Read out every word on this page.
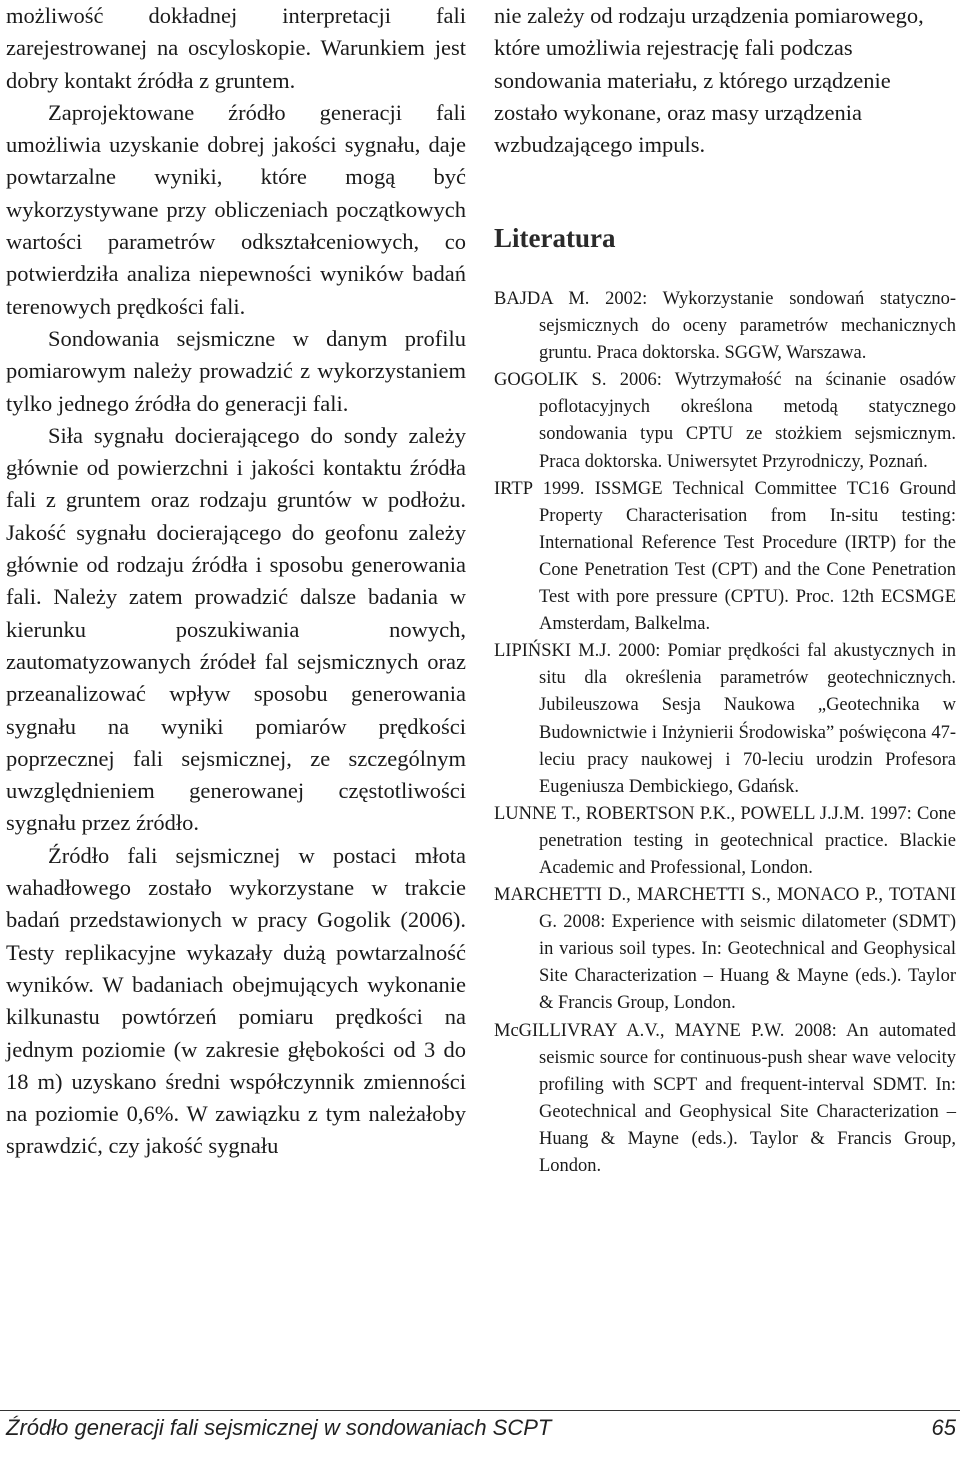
możliwość dokładnej interpretacji fali zarejestrowanej na oscyloskopie. Warunkiem jest dobry kontakt źródła z gruntem.

Zaprojektowane źródło generacji fali umożliwia uzyskanie dobrej jakości sygnału, daje powtarzalne wyniki, które mogą być wykorzystywane przy obliczeniach początkowych wartości parametrów odkształceniowych, co potwierdziła analiza niepewności wyników badań terenowych prędkości fali.

Sondowania sejsmiczne w danym profilu pomiarowym należy prowadzić z wykorzystaniem tylko jednego źródła do generacji fali.

Siła sygnału docierającego do sondy zależy głównie od powierzchni i jakości kontaktu źródła fali z gruntem oraz rodzaju gruntów w podłożu. Jakość sygnału docierającego do geofonu zależy głównie od rodzaju źródła i sposobu generowania fali. Należy zatem prowadzić dalsze badania w kierunku poszukiwania nowych, zautomatyzowanych źródeł fal sejsmicznych oraz przeanalizować wpływ sposobu generowania sygnału na wyniki pomiarów prędkości poprzecznej fali sejsmicznej, ze szczególnym uwzględnieniem generowanej częstotliwości sygnału przez źródło.

Źródło fali sejsmicznej w postaci młota wahadłowego zostało wykorzystane w trakcie badań przedstawionych w pracy Gogolik (2006). Testy replikacyjne wykazały dużą powtarzalność wyników. W badaniach obejmujących wykonanie kilkunastu powtórzeń pomiaru prędkości na jednym poziomie (w zakresie głębokości od 3 do 18 m) uzyskano średni współczynnik zmienności na poziomie 0,6%. W zawiązku z tym należałoby sprawdzić, czy jakość sygnału

nie zależy od rodzaju urządzenia pomiarowego, które umożliwia rejestrację fali podczas sondowania materiału, z którego urządzenie zostało wykonane, oraz masy urządzenia wzbudzającego impuls.

Literatura

BAJDA M. 2002: Wykorzystanie sondowań statyczno-sejsmicznych do oceny parametrów mechanicznych gruntu. Praca doktorska. SGGW, Warszawa.

GOGOLIK S. 2006: Wytrzymałość na ścinanie osadów poflotacyjnych określona metodą statycznego sondowania typu CPTU ze stożkiem sejsmicznym. Praca doktorska. Uniwersytet Przyrodniczy, Poznań.

IRTP 1999. ISSMGE Technical Committee TC16 Ground Property Characterisation from In-situ testing: International Reference Test Procedure (IRTP) for the Cone Penetration Test (CPT) and the Cone Penetration Test with pore pressure (CPTU). Proc. 12th ECSMGE Amsterdam, Balkelma.

LIPIŃSKI M.J. 2000: Pomiar prędkości fal akustycznych in situ dla określenia parametrów geotechnicznych. Jubileuszowa Sesja Naukowa „Geotechnika w Budownictwie i Inżynierii Środowiska” poświęcona 47-leciu pracy naukowej i 70-leciu urodzin Profesora Eugeniusza Dembickiego, Gdańsk.

LUNNE T., ROBERTSON P.K., POWELL J.J.M. 1997: Cone penetration testing in geotechnical practice. Blackie Academic and Professional, London.

MARCHETTI D., MARCHETTI S., MONACO P., TOTANI G. 2008: Experience with seismic dilatometer (SDMT) in various soil types. In: Geotechnical and Geophysical Site Characterization – Huang & Mayne (eds.). Taylor & Francis Group, London.

McGILLIVRAY A.V., MAYNE P.W. 2008: An automated seismic source for continuous-push shear wave velocity profiling with SCPT and frequent-interval SDMT. In: Geotechnical and Geophysical Site Characterization – Huang & Mayne (eds.). Taylor & Francis Group, London.

Źródło generacji fali sejsmicznej w sondowaniach SCPT	65
